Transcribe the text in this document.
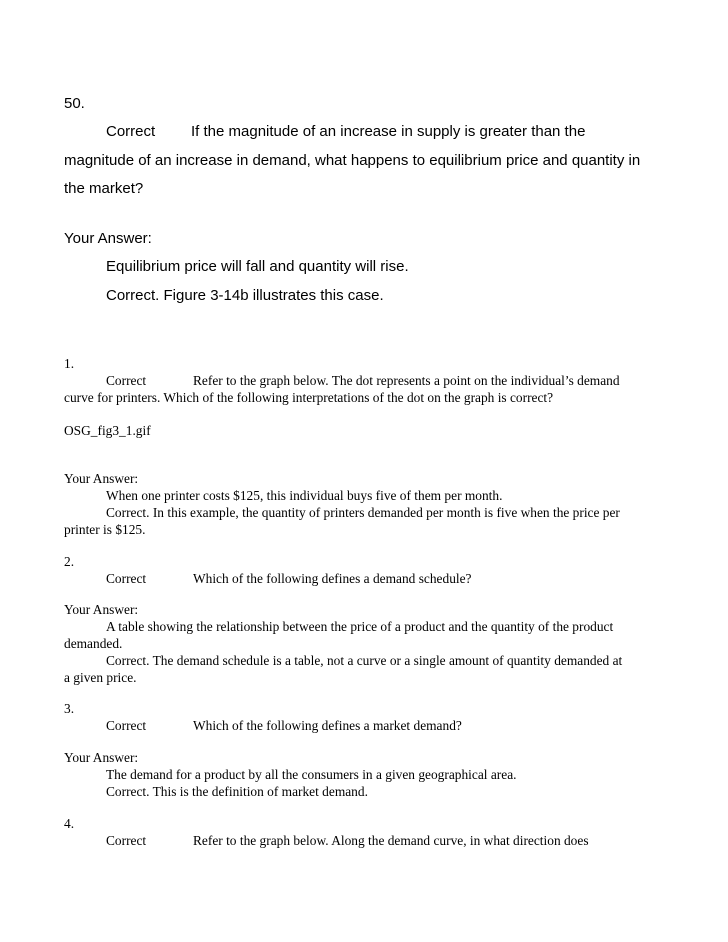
50.
Correct If the magnitude of an increase in supply is greater than the
magnitude of an increase in demand, what happens to equilibrium price and quantity in
the market?
Your Answer:
Equilibrium price will fall and quantity will rise.
Correct. Figure 3-14b illustrates this case.
1.
Correct	Refer to the graph below. The dot represents a point on the individual’s demand
curve for printers. Which of the following interpretations of the dot on the graph is correct?
OSG_fig3_1.gif
Your Answer:
When one printer costs $125, this individual buys five of them per month.
Correct. In this example, the quantity of printers demanded per month is five when the price per
printer is $125.
2.
Correct	Which of the following defines a demand schedule?
Your Answer:
A table showing the relationship between the price of a product and the quantity of the product
demanded.
Correct. The demand schedule is a table, not a curve or a single amount of quantity demanded at
a given price.
3.
Correct	Which of the following defines a market demand?
Your Answer:
The demand for a product by all the consumers in a given geographical area.
Correct. This is the definition of market demand.
4.
Correct	Refer to the graph below. Along the demand curve, in what direction does
